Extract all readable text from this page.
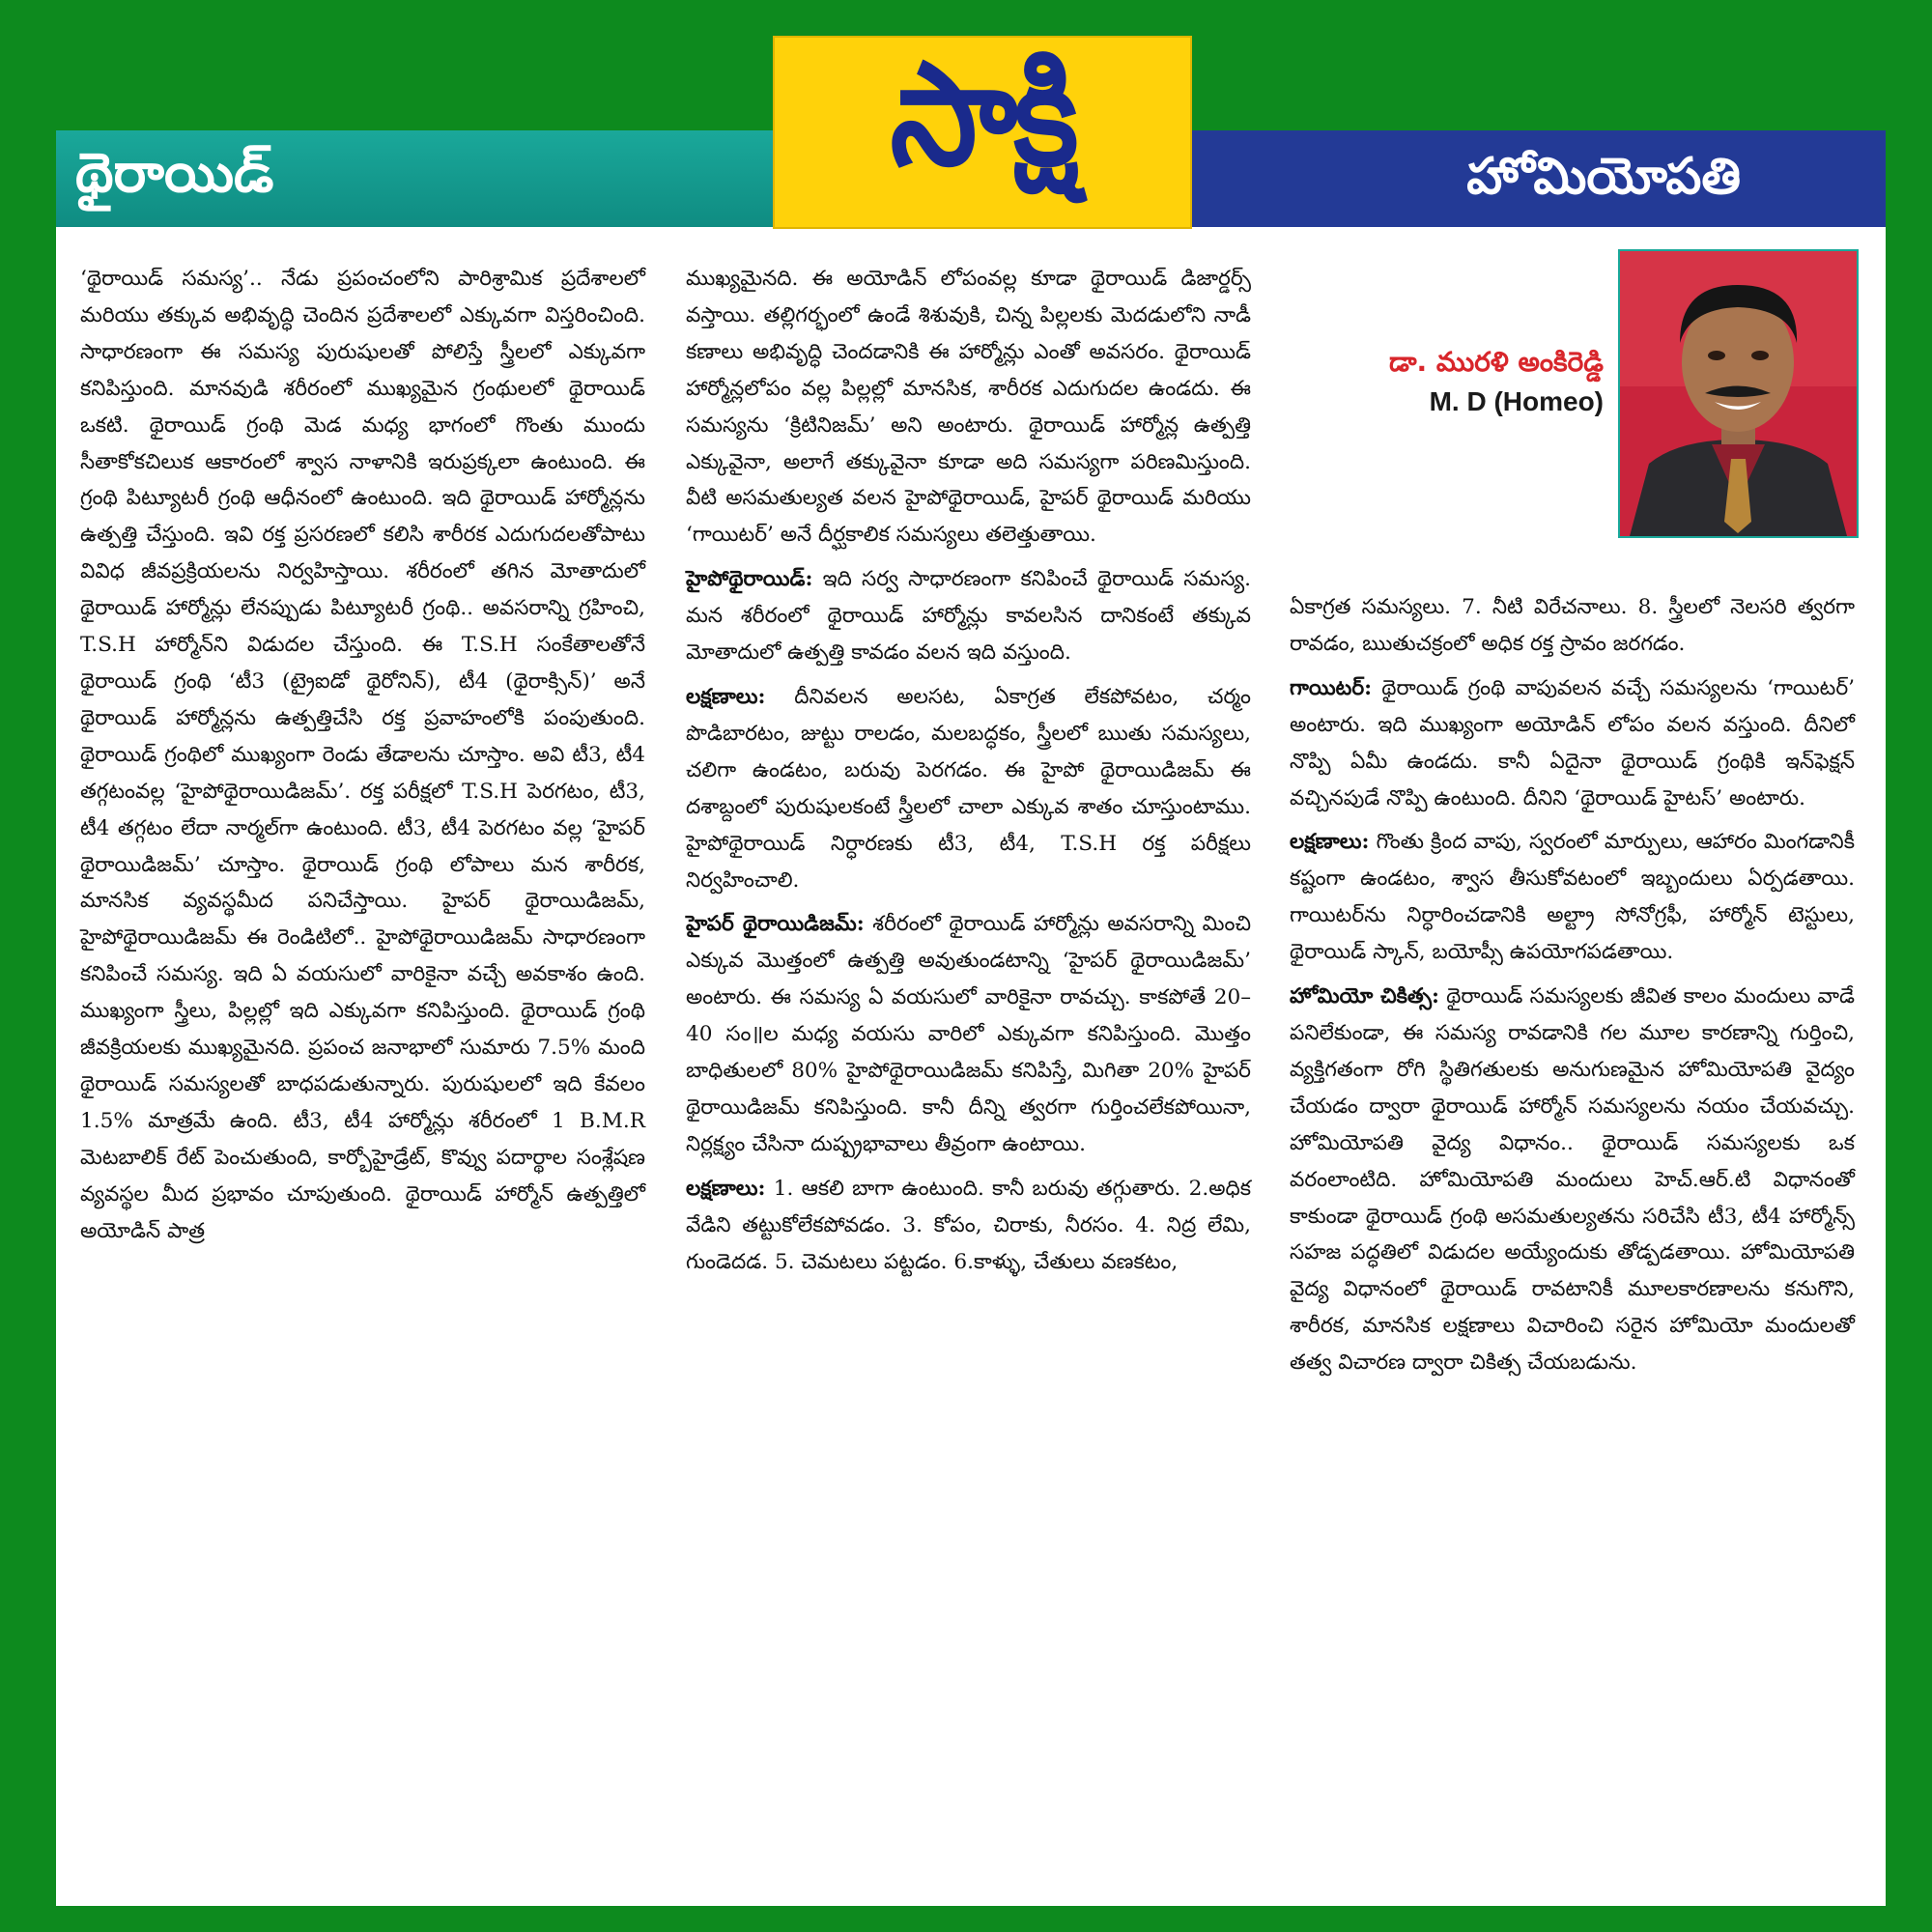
థైరాయిడ్	హోమియోపతి
సాక్షి

‘థైరాయిడ్ సమస్య’.. నేడు ప్రపంచంలోని పారిశ్రామిక ప్రదేశాలలో మరియు తక్కువ అభివృద్ధి చెందిన ప్రదేశాలలో ఎక్కువగా విస్తరించింది. సాధారణంగా ఈ సమస్య పురుషులతో పోలిస్తే స్త్రీలలో ఎక్కువగా కనిపిస్తుంది. మానవుడి శరీరంలో ముఖ్యమైన గ్రంథులలో థైరాయిడ్ ఒకటి. థైరాయిడ్ గ్రంథి మెడ మధ్య భాగంలో గొంతు ముందు సీతాకోకచిలుక ఆకారంలో శ్వాస నాళానికి ఇరుప్రక్కలా ఉంటుంది. ఈ గ్రంథి పిట్యూటరీ గ్రంథి ఆధీనంలో ఉంటుంది. ఇది థైరాయిడ్ హార్మోన్లను ఉత్పత్తి చేస్తుంది. ఇవి రక్త ప్రసరణలో కలిసి శారీరక ఎదుగుదలతోపాటు వివిధ జీవప్రక్రియలను నిర్వహిస్తాయి. శరీరంలో తగిన మోతాదులో థైరాయిడ్ హార్మోన్లు లేనప్పుడు పిట్యూటరీ గ్రంథి.. అవసరాన్ని గ్రహించి, T.S.H హార్మోన్‌ని విడుదల చేస్తుంది. ఈ T.S.H సంకేతాలతోనే థైరాయిడ్ గ్రంథి ‘టీ3 (ట్రైఐడో థైరోనిన్), టీ4 (థైరాక్సిన్)’ అనే థైరాయిడ్ హార్మోన్లను ఉత్పత్తిచేసి రక్త ప్రవాహంలోకి పంపుతుంది. థైరాయిడ్ గ్రంథిలో ముఖ్యంగా రెండు తేడాలను చూస్తాం. అవి టీ3, టీ4 తగ్గటంవల్ల ‘హైపోథైరాయిడిజమ్’. రక్త పరీక్షలో T.S.H పెరగటం, టీ3, టీ4 తగ్గటం లేదా నార్మల్‌గా ఉంటుంది. టీ3, టీ4 పెరగటం వల్ల ‘హైపర్ థైరాయిడిజమ్’ చూస్తాం. థైరాయిడ్ గ్రంథి లోపాలు మన శారీరక, మానసిక వ్యవస్థమీద పనిచేస్తాయి. హైపర్ థైరాయిడిజమ్, హైపోథైరాయిడిజమ్ ఈ రెండిటిలో.. హైపోథైరాయిడిజమ్ సాధారణంగా కనిపించే సమస్య. ఇది ఏ వయసులో వారికైనా వచ్చే అవకాశం ఉంది. ముఖ్యంగా స్త్రీలు, పిల్లల్లో ఇది ఎక్కువగా కనిపిస్తుంది. థైరాయిడ్ గ్రంథి జీవక్రియలకు ముఖ్యమైనది. ప్రపంచ జనాభాలో సుమారు 7.5% మంది థైరాయిడ్ సమస్యలతో బాధపడుతున్నారు. పురుషులలో ఇది కేవలం 1.5% మాత్రమే ఉంది. టీ3, టీ4 హార్మోన్లు శరీరంలో 1 B.M.R మెటబాలిక్ రేట్ పెంచుతుంది, కార్బోహైడ్రేట్, కొవ్వు పదార్థాల సంశ్లేషణ వ్యవస్థల మీద ప్రభావం చూపుతుంది. థైరాయిడ్ హార్మోన్ ఉత్పత్తిలో అయోడిన్ పాత్ర

ముఖ్యమైనది. ఈ అయోడిన్ లోపంవల్ల కూడా థైరాయిడ్ డిజార్డర్స్ వస్తాయి. తల్లిగర్భంలో ఉండే శిశువుకి, చిన్న పిల్లలకు మెదడులోని నాడీ కణాలు అభివృద్ధి చెందడానికి ఈ హార్మోన్లు ఎంతో అవసరం. థైరాయిడ్ హార్మోన్లలోపం వల్ల పిల్లల్లో మానసిక, శారీరక ఎదుగుదల ఉండదు. ఈ సమస్యను ‘క్రిటినిజమ్’ అని అంటారు. థైరాయిడ్ హార్మోన్ల ఉత్పత్తి ఎక్కువైనా, అలాగే తక్కువైనా కూడా అది సమస్యగా పరిణమిస్తుంది. వీటి అసమతుల్యత వలన హైపోథైరాయిడ్, హైపర్ థైరాయిడ్ మరియు ‘గాయిటర్’ అనే దీర్ఘకాలిక సమస్యలు తలెత్తుతాయి.

హైపోథైరాయిడ్: ఇది సర్వ సాధారణంగా కనిపించే థైరాయిడ్ సమస్య. మన శరీరంలో థైరాయిడ్ హార్మోన్లు కావలసిన దానికంటే తక్కువ మోతాదులో ఉత్పత్తి కావడం వలన ఇది వస్తుంది.

లక్షణాలు: దీనివలన అలసట, ఏకాగ్రత లేకపోవటం, చర్మం పొడిబారటం, జుట్టు రాలడం, మలబద్ధకం, స్త్రీలలో ఋతు సమస్యలు, చలిగా ఉండటం, బరువు పెరగడం. ఈ హైపో థైరాయిడిజమ్ ఈ దశాబ్దంలో పురుషులకంటే స్త్రీలలో చాలా ఎక్కువ శాతం చూస్తుంటాము. హైపోథైరాయిడ్ నిర్ధారణకు టీ3, టీ4, T.S.H రక్త పరీక్షలు నిర్వహించాలి.

హైపర్ థైరాయిడిజమ్: శరీరంలో థైరాయిడ్ హార్మోన్లు అవసరాన్ని మించి ఎక్కువ మొత్తంలో ఉత్పత్తి అవుతుండటాన్ని ‘హైపర్ థైరాయిడిజమ్’ అంటారు. ఈ సమస్య ఏ వయసులో వారికైనా రావచ్చు. కాకపోతే 20–40 సం॥ల మధ్య వయసు వారిలో ఎక్కువగా కనిపిస్తుంది. మొత్తం బాధితులలో 80% హైపోథైరాయిడిజమ్ కనిపిస్తే, మిగితా 20% హైపర్ థైరాయిడిజమ్ కనిపిస్తుంది. కానీ దీన్ని త్వరగా గుర్తించలేకపోయినా, నిర్లక్ష్యం చేసినా దుష్ప్రభావాలు తీవ్రంగా ఉంటాయి.

లక్షణాలు: 1. ఆకలి బాగా ఉంటుంది. కానీ బరువు తగ్గుతారు. 2.అధిక వేడిని తట్టుకోలేకపోవడం. 3. కోపం, చిరాకు, నీరసం. 4. నిద్ర లేమి, గుండెదడ. 5. చెమటలు పట్టడం. 6.కాళ్ళు, చేతులు వణకటం,

డా. మురళి అంకిరెడ్డి
M. D (Homeo)

ఏకాగ్రత సమస్యలు. 7. నీటి విరేచనాలు. 8. స్త్రీలలో నెలసరి త్వరగా రావడం, ఋతుచక్రంలో అధిక రక్త స్రావం జరగడం.

గాయిటర్: థైరాయిడ్ గ్రంథి వాపువలన వచ్చే సమస్యలను ‘గాయిటర్’ అంటారు. ఇది ముఖ్యంగా అయోడిన్ లోపం వలన వస్తుంది. దీనిలో నొప్పి ఏమీ ఉండదు. కానీ ఏదైనా థైరాయిడ్ గ్రంథికి ఇన్‌ఫెక్షన్ వచ్చినపుడే నొప్పి ఉంటుంది. దీనిని ‘థైరాయిడ్ హైటస్’ అంటారు.

లక్షణాలు: గొంతు క్రింద వాపు, స్వరంలో మార్పులు, ఆహారం మింగడానికీ కష్టంగా ఉండటం, శ్వాస తీసుకోవటంలో ఇబ్బందులు ఏర్పడతాయి. గాయిటర్‌ను నిర్ధారించడానికి అల్ట్రా సోనోగ్రఫీ, హార్మోన్ టెస్టులు, థైరాయిడ్ స్కాన్, బయోప్సీ ఉపయోగపడతాయి.

హోమియో చికిత్స: థైరాయిడ్ సమస్యలకు జీవిత కాలం మందులు వాడే పనిలేకుండా, ఈ సమస్య రావడానికి గల మూల కారణాన్ని గుర్తించి, వ్యక్తిగతంగా రోగి స్థితిగతులకు అనుగుణమైన హోమియోపతి వైద్యం చేయడం ద్వారా థైరాయిడ్ హార్మోన్ సమస్యలను నయం చేయవచ్చు. హోమియోపతి వైద్య విధానం.. థైరాయిడ్ సమస్యలకు ఒక వరంలాంటిది. హోమియోపతి మందులు హెచ్.ఆర్.టి విధానంతో కాకుండా థైరాయిడ్ గ్రంథి అసమతుల్యతను సరిచేసి టీ3, టీ4 హార్మోన్స్ సహజ పద్ధతిలో విడుదల అయ్యేందుకు తోడ్పడతాయి. హోమియోపతి వైద్య విధానంలో థైరాయిడ్ రావటానికీ మూలకారణాలను కనుగొని, శారీరక, మానసిక లక్షణాలు విచారించి సరైన హోమియో మందులతో తత్వ విచారణ ద్వారా చికిత్స చేయబడును.
